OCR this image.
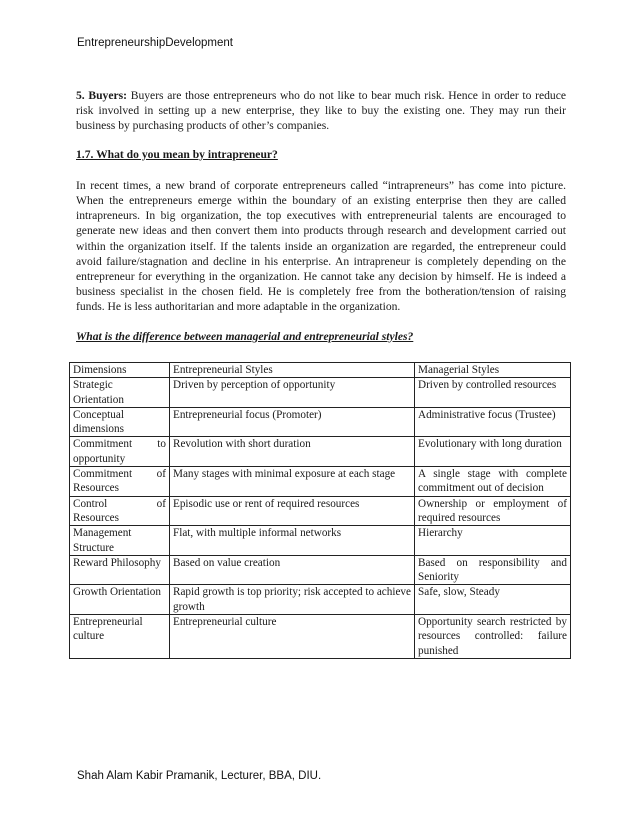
EntrepreneurshipDevelopment

5. Buyers: Buyers are those entrepreneurs who do not like to bear much risk. Hence in order to reduce risk involved in setting up a new enterprise, they like to buy the existing one. They may run their business by purchasing products of other’s companies.

1.7. What do you mean by intrapreneur?

In recent times, a new brand of corporate entrepreneurs called “intrapreneurs” has come into picture. When the entrepreneurs emerge within the boundary of an existing enterprise then they are called intrapreneurs. In big organization, the top executives with entrepreneurial talents are encouraged to generate new ideas and then convert them into products through research and development carried out within the organization itself. If the talents inside an organization are regarded, the entrepreneur could avoid failure/stagnation and decline in his enterprise. An intrapreneur is completely depending on the entrepreneur for everything in the organization. He cannot take any decision by himself. He is indeed a business specialist in the chosen field. He is completely free from the botheration/tension of raising funds. He is less authoritarian and more adaptable in the organization.

What is the difference between managerial and entrepreneurial styles?

Dimensions	Entrepreneurial Styles	Managerial Styles
Strategic Orientation	Driven by perception of opportunity	Driven by controlled resources
Conceptual dimensions	Entrepreneurial focus (Promoter)	Administrative focus (Trustee)
Commitment to opportunity	Revolution with short duration	Evolutionary with long duration
Commitment of Resources	Many stages with minimal exposure at each stage	A single stage with complete commitment out of decision
Control of Resources	Episodic use or rent of required resources	Ownership or employment of required resources
Management Structure	Flat, with multiple informal networks	Hierarchy
Reward Philosophy	Based on value creation	Based on responsibility and Seniority
Growth Orientation	Rapid growth is top priority; risk accepted to achieve growth	Safe, slow, Steady
Entrepreneurial culture	Entrepreneurial culture	Opportunity search restricted by resources controlled: failure punished
Shah Alam Kabir Pramanik, Lecturer, BBA, DIU.
